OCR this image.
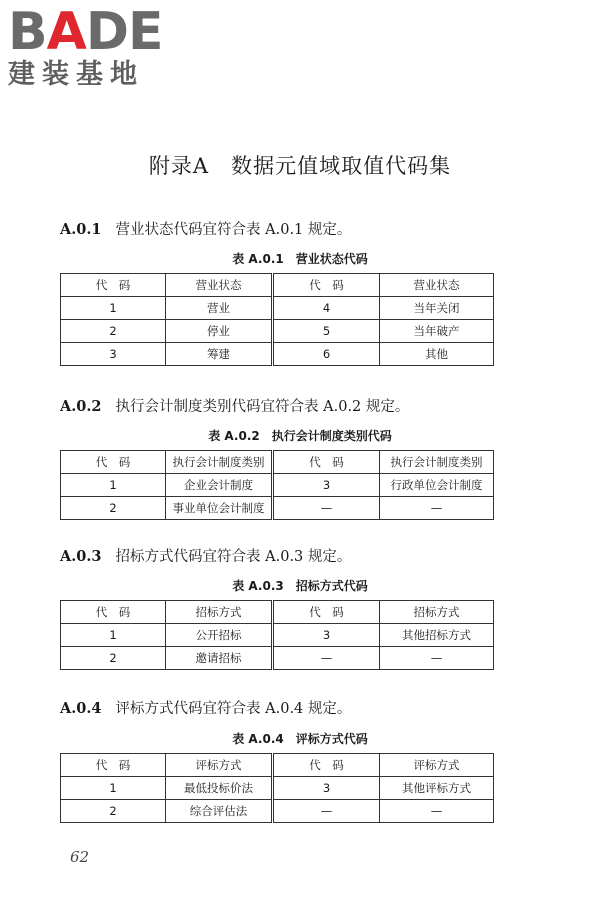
BADE
建装基地
附录A　数据元值域取值代码集
A.0.1 营业状态代码宜符合表 A.0.1 规定。
表 A.0.1　营业状态代码
代　码	营业状态	代　码	营业状态
1	营业	4	当年关闭
2	停业	5	当年破产
3	筹建	6	其他
A.0.2 执行会计制度类别代码宜符合表 A.0.2 规定。
表 A.0.2　执行会计制度类别代码
代　码	执行会计制度类别	代　码	执行会计制度类别
1	企业会计制度	3	行政单位会计制度
2	事业单位会计制度	—	—
A.0.3 招标方式代码宜符合表 A.0.3 规定。
表 A.0.3　招标方式代码
代　码	招标方式	代　码	招标方式
1	公开招标	3	其他招标方式
2	邀请招标	—	—
A.0.4 评标方式代码宜符合表 A.0.4 规定。
表 A.0.4　评标方式代码
代　码	评标方式	代　码	评标方式
1	最低投标价法	3	其他评标方式
2	综合评估法	—	—
62
